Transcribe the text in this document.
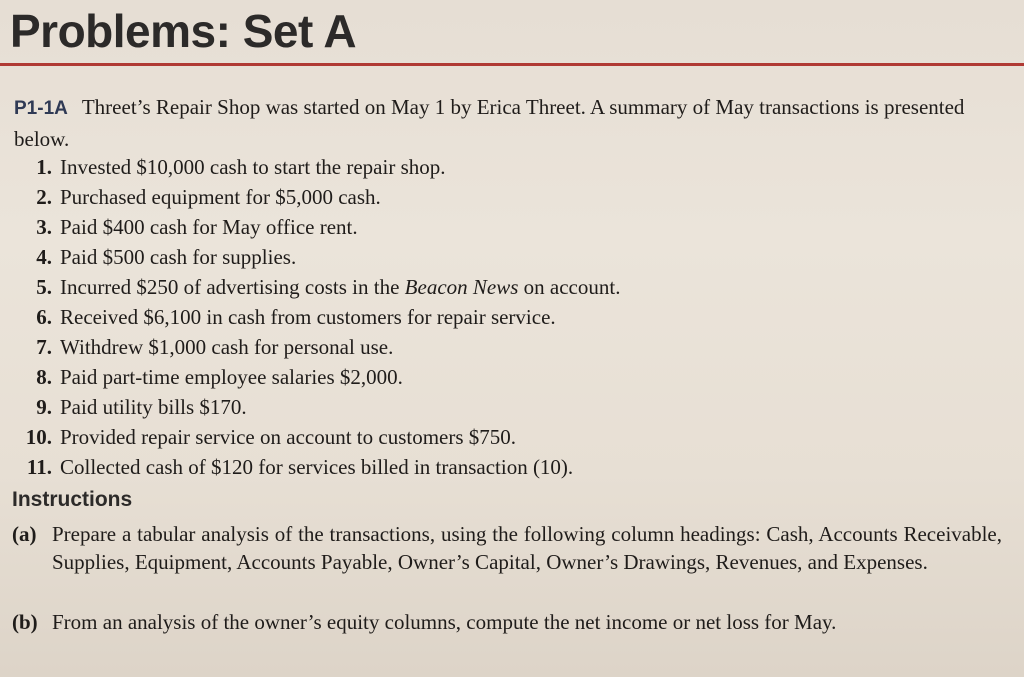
Problems: Set A
P1-1A Threet’s Repair Shop was started on May 1 by Erica Threet. A summary of May transactions is presented below.
1. Invested $10,000 cash to start the repair shop.
2. Purchased equipment for $5,000 cash.
3. Paid $400 cash for May office rent.
4. Paid $500 cash for supplies.
5. Incurred $250 of advertising costs in the Beacon News on account.
6. Received $6,100 in cash from customers for repair service.
7. Withdrew $1,000 cash for personal use.
8. Paid part-time employee salaries $2,000.
9. Paid utility bills $170.
10. Provided repair service on account to customers $750.
11. Collected cash of $120 for services billed in transaction (10).
Instructions
(a) Prepare a tabular analysis of the transactions, using the following column headings: Cash, Accounts Receivable, Supplies, Equipment, Accounts Payable, Owner’s Capital, Owner’s Drawings, Revenues, and Expenses.
(b) From an analysis of the owner’s equity columns, compute the net income or net loss for May.
